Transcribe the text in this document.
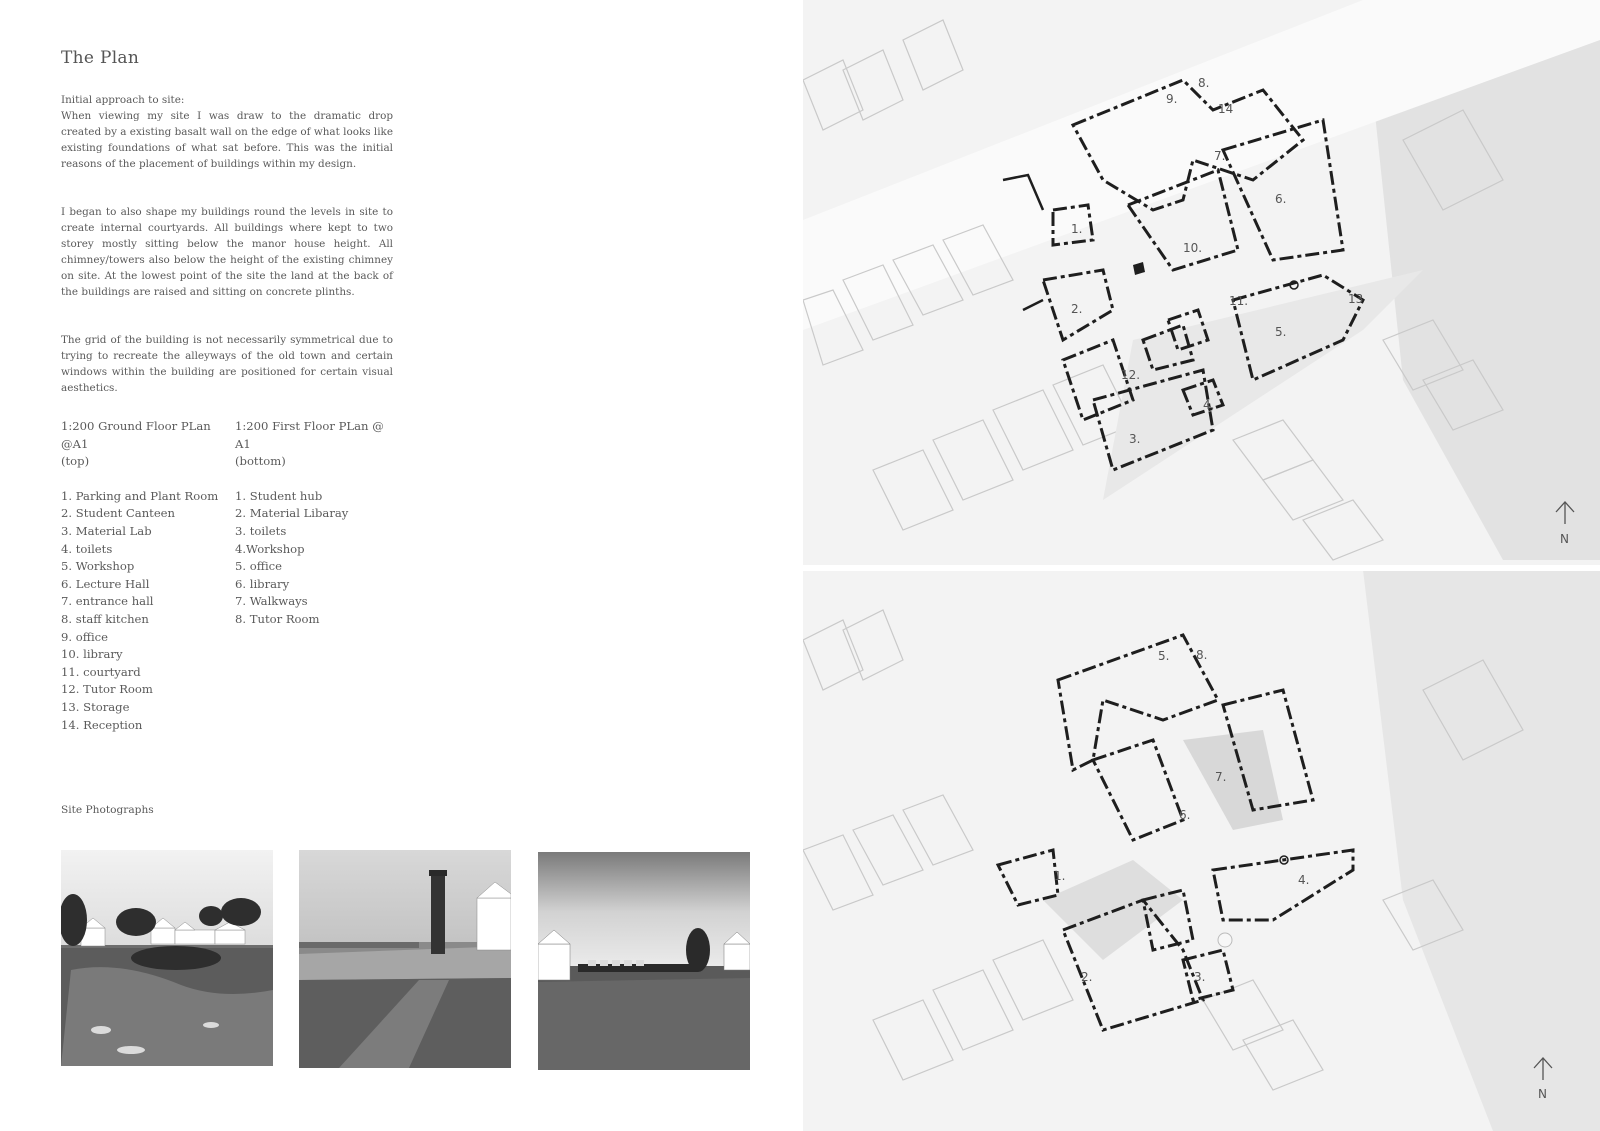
The Plan

Initial approach to site:

When viewing my site I was draw to the dramatic drop created by a existing basalt wall on the edge of what looks like existing foundations of what sat before. This was the initial reasons of the placement of buildings within my design.

I began to also shape my buildings round the levels in site to create internal courtyards. All buildings where kept to two storey mostly sitting below the manor house height. All chimney/towers also below the height of the existing chimney on site. At the lowest point of the site the land at the back of the buildings are raised and sitting on concrete plinths.

The grid of the building is not necessarily symmetrical due to trying to recreate the alleyways of the old town and certain windows within the building are positioned for certain visual aesthetics.

1:200 Ground Floor PLan @A1
(top)
1. Parking and Plant Room
2. Student Canteen
3. Material Lab
4. toilets
5. Workshop
6. Lecture Hall
7. entrance hall
8. staff kitchen
9. office
10. library
11. courtyard
12. Tutor Room
13. Storage
14. Reception
1:200 First Floor PLan @ A1
(bottom)
1. Student hub
2. Material Libaray
3. toilets
4.Workshop
5. office
6. library
7. Walkways
8. Tutor Room
Site Photographs
1.
2.
3.
4.
5.
6.
7.
8.
9.
10.
11.
12.
13
14
1.
2.	3.
4.
5.
6.
7.
8.
N
N
